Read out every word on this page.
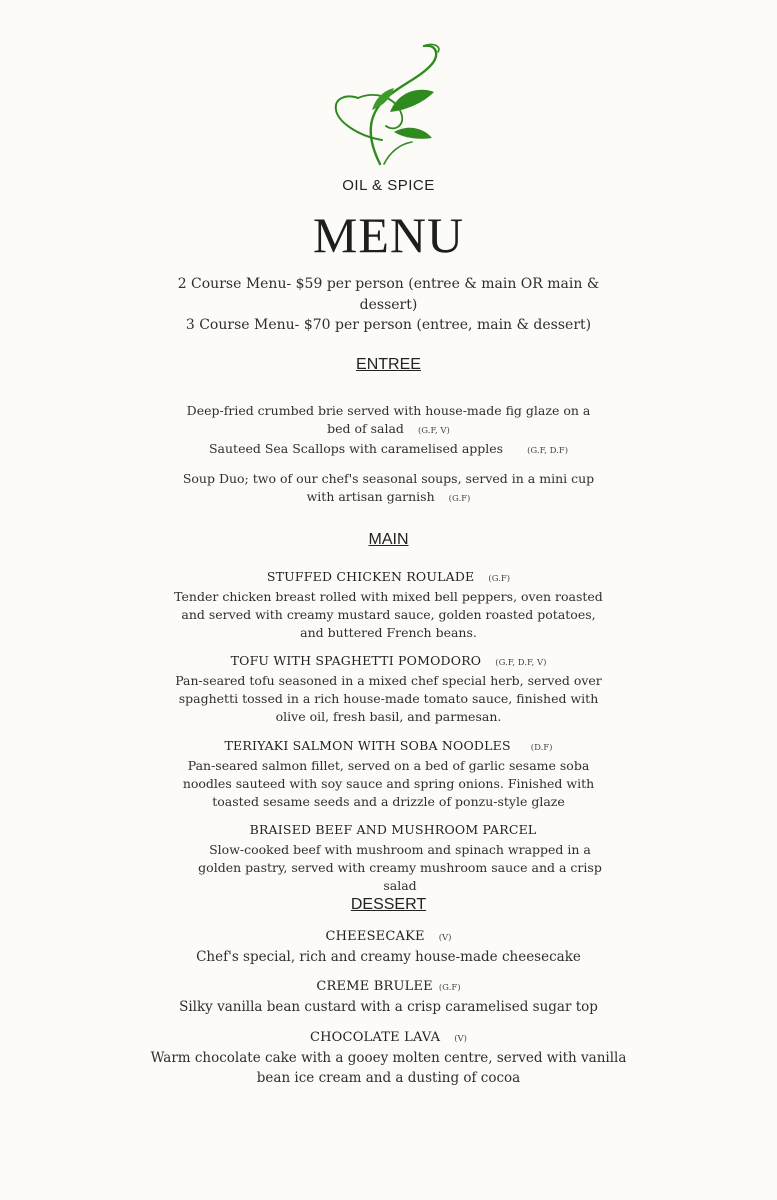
OIL & SPICE
MENU
2 Course Menu- $59 per person (entree & main OR main & dessert)
3 Course Menu- $70 per person (entree, main & dessert)
ENTREE
Deep-fried crumbed brie served with house-made fig glaze on a bed of salad (G.F, V)
Sauteed Sea Scallops with caramelised apples	(G.F, D.F)
Soup Duo; two of our chef's seasonal soups, served in a mini cup with artisan garnish (G.F)
MAIN
STUFFED CHICKEN ROULADE (G.F)
Tender chicken breast rolled with mixed bell peppers, oven roasted and served with creamy mustard sauce, golden roasted potatoes, and buttered French beans.
TOFU WITH SPAGHETTI POMODORO (G.F, D.F, V)
Pan-seared tofu seasoned in a mixed chef special herb, served over spaghetti tossed in a rich house-made tomato sauce, finished with olive oil, fresh basil, and parmesan.
TERIYAKI SALMON WITH SOBA NOODLES (D.F)
Pan-seared salmon fillet, served on a bed of garlic sesame soba noodles sauteed with soy sauce and spring onions. Finished with toasted sesame seeds and a drizzle of ponzu-style glaze
BRAISED BEEF AND MUSHROOM PARCEL
Slow-cooked beef with mushroom and spinach wrapped in a golden pastry, served with creamy mushroom sauce and a crisp salad
DESSERT
CHEESECAKE (V)
Chef's special, rich and creamy house-made cheesecake
CREME BRULEE (G.F)
Silky vanilla bean custard with a crisp caramelised sugar top
CHOCOLATE LAVA (V)
Warm chocolate cake with a gooey molten centre, served with vanilla bean ice cream and a dusting of cocoa
